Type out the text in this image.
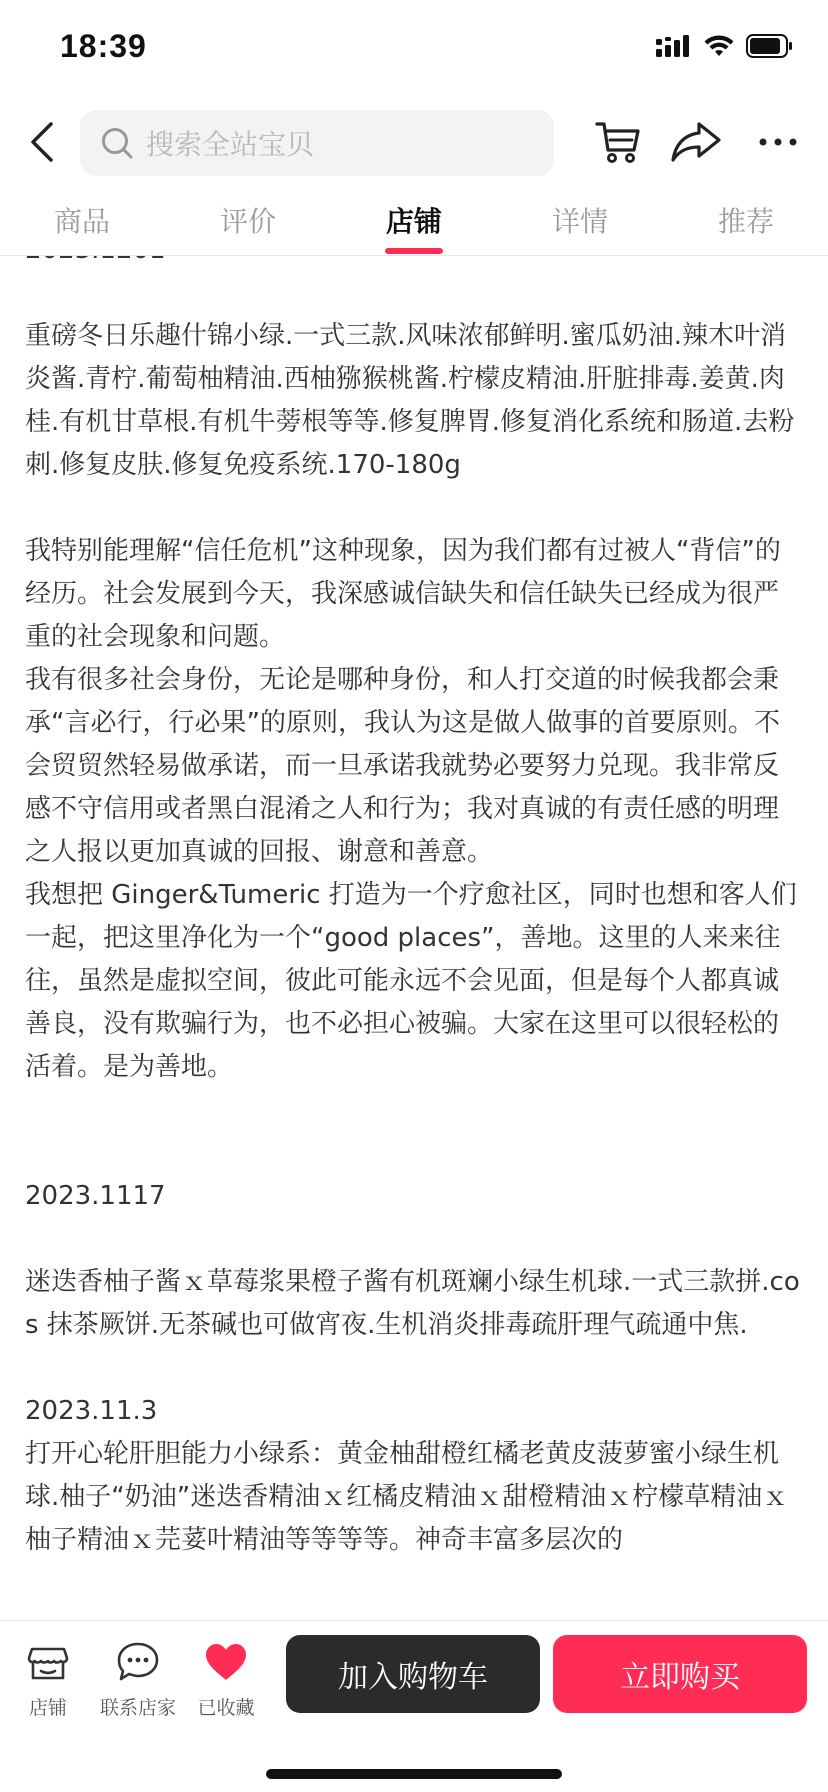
18:39
搜索全站宝贝
商品	评价	店铺	详情	推荐
重磅冬日乐趣什锦小绿.一式三款.风味浓郁鲜明.蜜瓜奶油.辣木叶消炎酱.青柠.葡萄柚精油.西柚猕猴桃酱.柠檬皮精油.肝脏排毒.姜黄.肉桂.有机甘草根.有机牛蒡根等等.修复脾胃.修复消化系统和肠道.去粉刺.修复皮肤.修复免疫系统.170-180g
我特别能理解“信任危机”这种现象，因为我们都有过被人“背信”的经历。社会发展到今天，我深感诚信缺失和信任缺失已经成为很严重的社会现象和问题。
我有很多社会身份，无论是哪种身份，和人打交道的时候我都会秉承“言必行，行必果”的原则，我认为这是做人做事的首要原则。不会贸贸然轻易做承诺，而一旦承诺我就势必要努力兑现。我非常反感不守信用或者黑白混淆之人和行为；我对真诚的有责任感的明理之人报以更加真诚的回报、谢意和善意。
我想把 Ginger&Tumeric 打造为一个疗愈社区，同时也想和客人们一起，把这里净化为一个“good places”，善地。这里的人来来往往，虽然是虚拟空间，彼此可能永远不会见面，但是每个人都真诚善良，没有欺骗行为，也不必担心被骗。大家在这里可以很轻松的活着。是为善地。
2023.1117
迷迭香柚子酱ｘ草莓浆果橙子酱有机斑斓小绿生机球.一式三款拼.cos 抹茶厥饼.无茶碱也可做宵夜.生机消炎排毒疏肝理气疏通中焦.
2023.11.3
打开心轮肝胆能力小绿系：黄金柚甜橙红橘老黄皮菠萝蜜小绿生机球.柚子“奶油”迷迭香精油ｘ红橘皮精油ｘ甜橙精油ｘ柠檬草精油ｘ柚子精油ｘ芫荽叶精油等等等等。神奇丰富多层次的
店铺	联系店家	已收藏
加入购物车	立即购买
